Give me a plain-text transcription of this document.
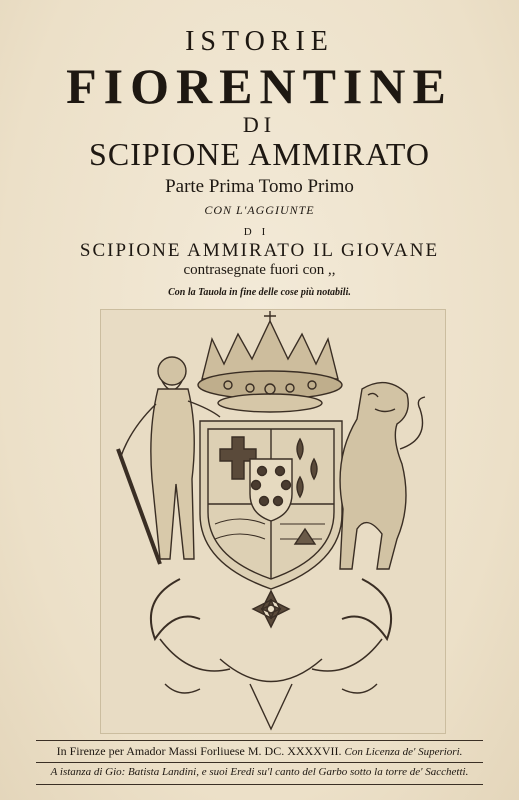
ISTORIE
FIORENTINE
DI
SCIPIONE AMMIRATO
Parte Prima Tomo Primo
CON L'AGGIUNTE
DI
SCIPIONE AMMIRATO IL GIOVANE
contrasegnate fuori con ,,
Con la Tauola in fine delle cose più notabili.
In Firenze per Amador Massi Forliuese M. DC. XXXXVII. Con Licenza de' Superiori.
A istanza di Gio: Batista Landini, e suoi Eredi su'l canto del Garbo sotto la torre de' Sacchetti.
